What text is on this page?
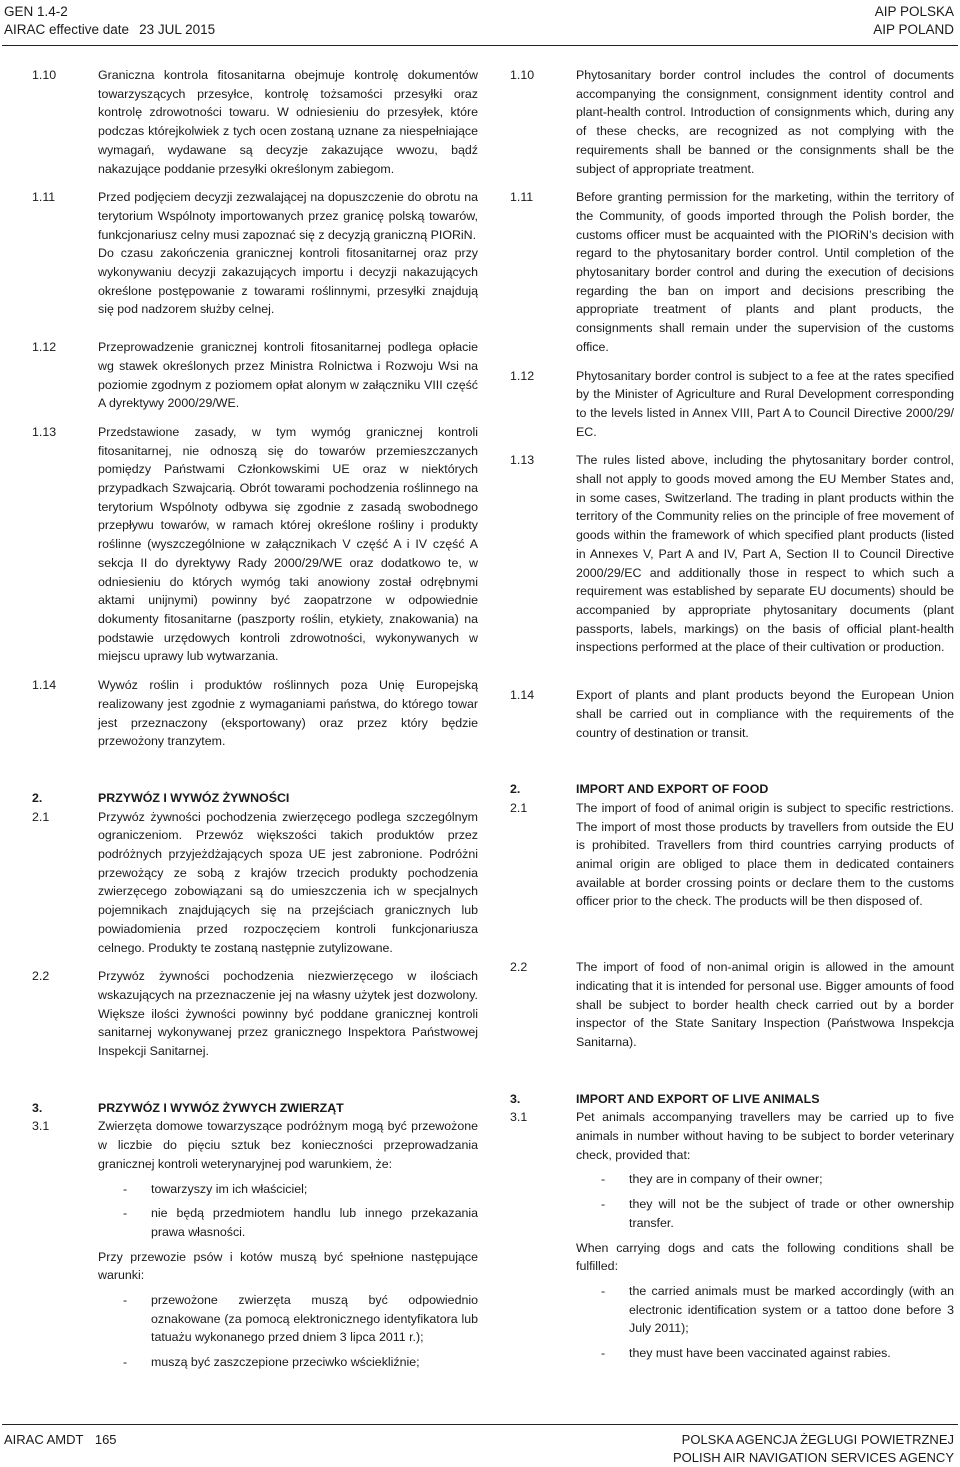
GEN 1.4-2
AIRAC effective date 23 JUL 2015
AIP POLSKA
AIP POLAND
1.10	Graniczna kontrola fitosanitarna obejmuje kontrolę dokumentów towarzyszących przesyłce, kontrolę tożsamości przesyłki oraz kontrolę zdrowotności towaru. W odniesieniu do przesyłek, które podczas którejkolwiek z tych ocen zostaną uznane za niespełniające wymagań, wydawane są decyzje zakazujące wwozu, bądź nakazujące poddanie przesyłki określonym zabiegom.
1.11	Przed podjęciem decyzji zezwalającej na dopuszczenie do obrotu na terytorium Wspólnoty importowanych przez granicę polską towarów, funkcjonariusz celny musi zapoznać się z decyzją graniczną PIORiN.

Do czasu zakończenia granicznej kontroli fitosanitarnej oraz przy wykonywaniu decyzji zakazujących importu i decyzji nakazujących określone postępowanie z towarami roślinnymi, przesyłki znajdują się pod nadzorem służby celnej.

1.12	Przeprowadzenie granicznej kontroli fitosanitarnej podlega opłacie wg stawek określonych przez Ministra Rolnictwa i Rozwoju Wsi na poziomie zgodnym z poziomem opłat alonym w załączniku VIII część A dyrektywy 2000/29/WE.
1.13	Przedstawione zasady, w tym wymóg granicznej kontroli fitosanitarnej, nie odnoszą się do towarów przemieszczanych pomiędzy Państwami Członkowskimi UE oraz w niektórych przypadkach Szwajcarią. Obrót towarami pochodzenia roślinnego na terytorium Wspólnoty odbywa się zgodnie z zasadą swobodnego przepływu towarów, w ramach której określone rośliny i produkty roślinne (wyszczególnione w załącznikach V część A i IV część A sekcja II do dyrektywy Rady 2000/29/WE oraz dodatkowo te, w odniesieniu do których wymóg taki anowiony został odrębnymi aktami unijnymi) powinny być zaopatrzone w odpowiednie dokumenty fitosanitarne (paszporty roślin, etykiety, znakowania) na podstawie urzędowych kontroli zdrowotności, wykonywanych w miejscu uprawy lub wytwarzania.
1.14	Wywóz roślin i produktów roślinnych poza Unię Europejską realizowany jest zgodnie z wymaganiami państwa, do którego towar jest przeznaczony (eksportowany) oraz przez który będzie przewożony tranzytem.
2.	PRZYWÓZ I WYWÓZ ŻYWNOŚCI
2.1	Przywóz żywności pochodzenia zwierzęcego podlega szczególnym ograniczeniom. Przewóz większości takich produktów przez podróżnych przyjeżdżających spoza UE jest zabronione. Podróżni przewożący ze sobą z krajów trzecich produkty pochodzenia zwierzęcego zobowiązani są do umieszczenia ich w specjalnych pojemnikach znajdujących się na przejściach granicznych lub powiadomienia przed rozpoczęciem kontroli funkcjonariusza celnego. Produkty te zostaną następnie zutylizowane.
2.2	Przywóz żywności pochodzenia niezwierzęcego w ilościach wskazujących na przeznaczenie jej na własny użytek jest dozwolony. Większe ilości żywności powinny być poddane granicznej kontroli sanitarnej wykonywanej przez granicznego Inspektora Państwowej Inspekcji Sanitarnej.
3.	PRZYWÓZ I WYWÓZ ŻYWYCH ZWIERZĄT
3.1	Zwierzęta domowe towarzyszące podróżnym mogą być przewożone w liczbie do pięciu sztuk bez konieczności przeprowadzania granicznej kontroli weterynaryjnej pod warunkiem, że:

-	towarzyszy im ich właściciel;
-	nie będą przedmiotem handlu lub innego przekazania prawa własności.

Przy przewozie psów i kotów muszą być spełnione następujące warunki:

-	przewożone zwierzęta muszą być odpowiednio oznakowane (za pomocą elektronicznego identyfikatora lub tatuażu wykonanego przed dniem 3 lipca 2011 r.);
-	muszą być zaszczepione przeciwko wściekliźnie;
1.10	Phytosanitary border control includes the control of documents accompanying the consignment, consignment identity control and plant-health control. Introduction of consignments which, during any of these checks, are recognized as not complying with the requirements shall be banned or the consignments shall be the subject of appropriate treatment.
1.11	Before granting permission for the marketing, within the territory of the Community, of goods imported through the Polish border, the customs officer must be acquainted with the PIORiN’s decision with regard to the phytosanitary border control. Until completion of the phytosanitary border control and during the execution of decisions regarding the ban on import and decisions prescribing the appropriate treatment of plants and plant products, the consignments shall remain under the supervision of the customs office.
1.12	Phytosanitary border control is subject to a fee at the rates specified by the Minister of Agriculture and Rural Development corresponding to the levels listed in Annex VIII, Part A to Council Directive 2000/29/ EC.
1.13	The rules listed above, including the phytosanitary border control, shall not apply to goods moved among the EU Member States and, in some cases, Switzerland. The trading in plant products within the territory of the Community relies on the principle of free movement of goods within the framework of which specified plant products (listed in Annexes V, Part A and IV, Part A, Section II to Council Directive 2000/29/EC and additionally those in respect to which such a requirement was established by separate EU documents) should be accompanied by appropriate phytosanitary documents (plant passports, labels, markings) on the basis of official plant-health inspections performed at the place of their cultivation or production.
1.14	Export of plants and plant products beyond the European Union shall be carried out in compliance with the requirements of the country of destination or transit.
2.	IMPORT AND EXPORT OF FOOD
2.1	The import of food of animal origin is subject to specific restrictions. The import of most those products by travellers from outside the EU is prohibited. Travellers from third countries carrying products of animal origin are obliged to place them in dedicated containers available at border crossing points or declare them to the customs officer prior to the check. The products will be then disposed of.
2.2	The import of food of non-animal origin is allowed in the amount indicating that it is intended for personal use. Bigger amounts of food shall be subject to border health check carried out by a border inspector of the State Sanitary Inspection (Państwowa Inspekcja Sanitarna).
3.	IMPORT AND EXPORT OF LIVE ANIMALS
3.1	Pet animals accompanying travellers may be carried up to five animals in number without having to be subject to border veterinary check, provided that:

-	they are in company of their owner;
-	they will not be the subject of trade or other ownership transfer.

When carrying dogs and cats the following conditions shall be fulfilled:

-	the carried animals must be marked accordingly (with an electronic identification system or a tattoo done before 3 July 2011);
-	they must have been vaccinated against rabies.
AIRAC AMDT 165	POLSKA AGENCJA ŻEGLUGI POWIETRZNEJ
POLISH AIR NAVIGATION SERVICES AGENCY
